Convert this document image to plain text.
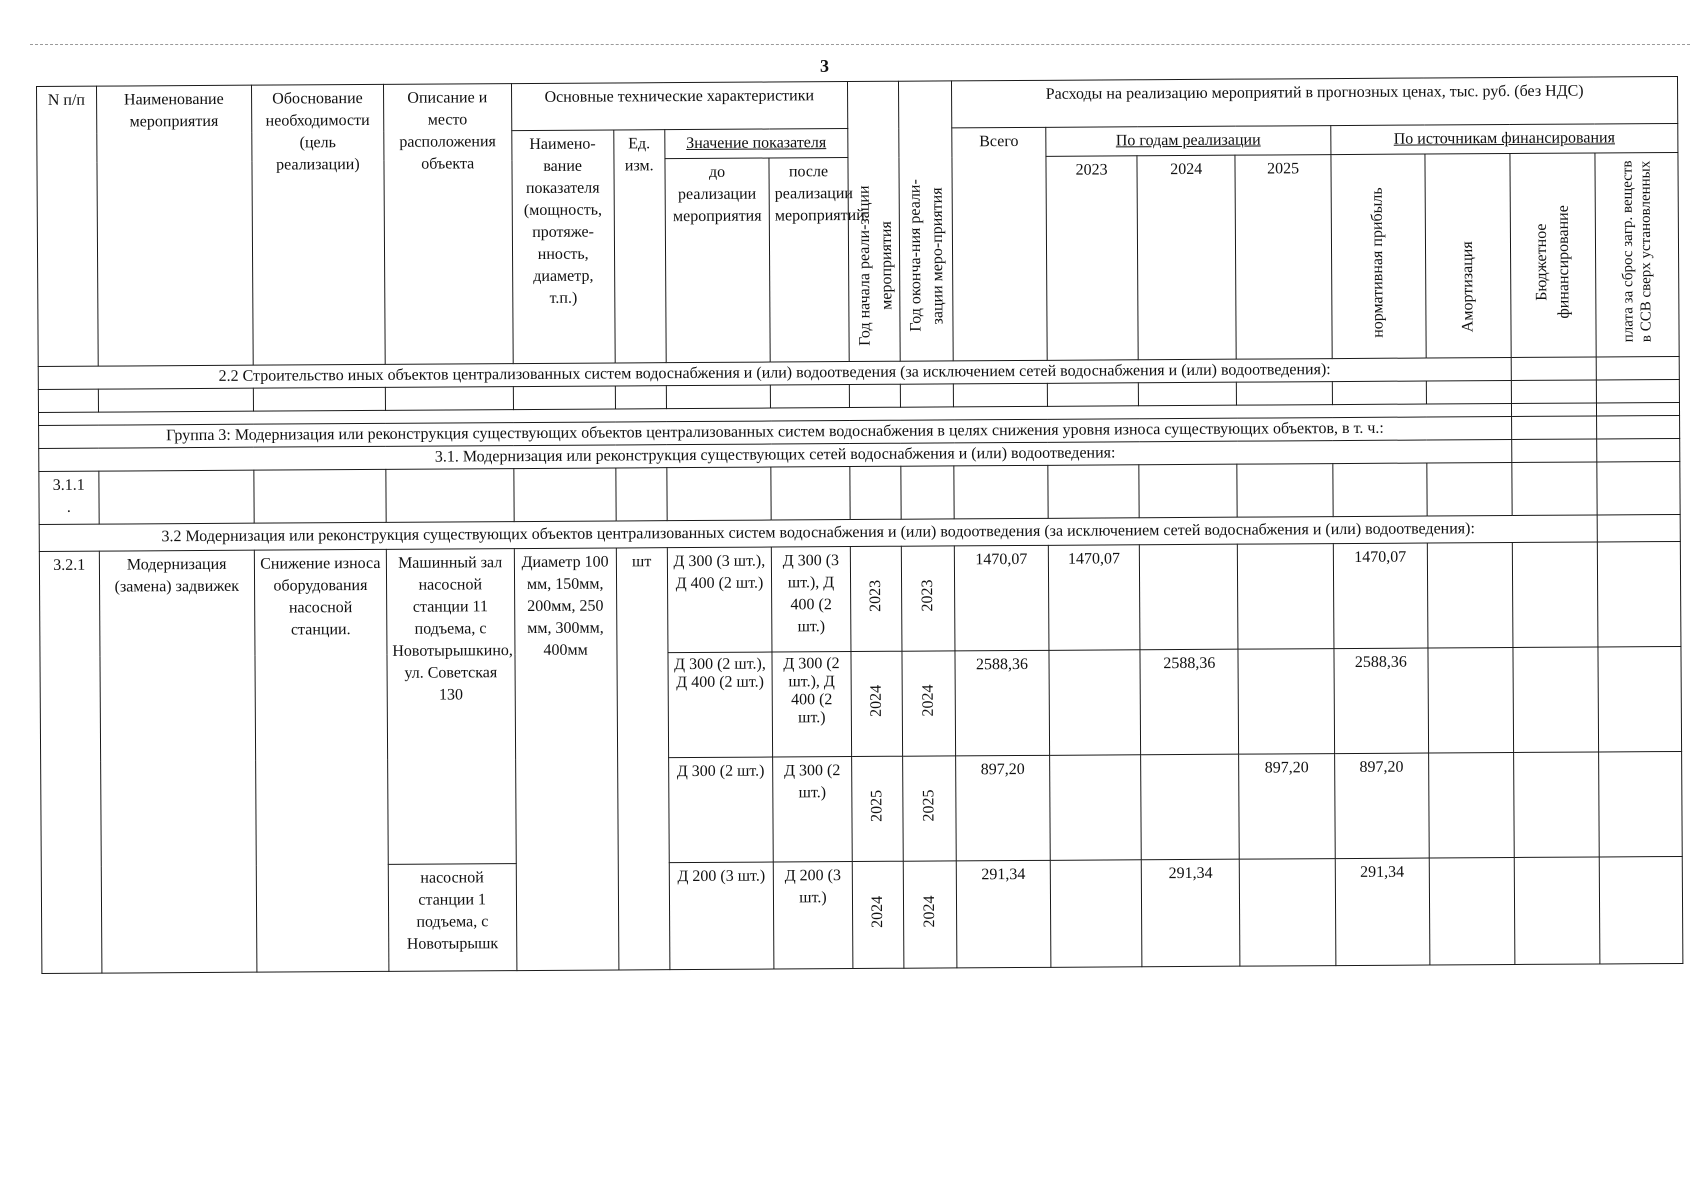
3
N п/п	Наименование мероприятия	Обоснование необходимости (цель реализации)	Описание и место расположения объекта	Основные технические характеристики				Год начала реали-зации мероприятия	Год оконча-ния реали-зации меро-приятия	Расходы на реализацию мероприятий в прогнозных ценах, тыс. руб. (без НДС)							
				Наимено-вание показателя (мощность, протяже-нность, диаметр, т.п.)	Ед. изм.	Значение показателя				Всего	По годам реализации			По источникам финансирования			
						до реализации мероприятия	после реализации мероприятий				2023	2024	2025	нормативная прибыль	Амортизация	Бюджетное финансирование	плата за сброс загр. веществ в ССВ сверх установленных
2.2 Строительство иных объектов централизованных систем водоснабжения и (или) водоотведения (за исключением сетей водоснабжения и (или) водоотведения):																	

Группа 3: Модернизация или реконструкция существующих объектов централизованных систем водоснабжения в целях снижения уровня износа существующих объектов, в т. ч.:																	
3.1. Модернизация или реконструкция существующих сетей водоснабжения и (или) водоотведения:																	

3.1.1
.																	

3.2 Модернизация или реконструкция существующих объектов централизованных систем водоснабжения и (или) водоотведения (за исключением сетей водоснабжения и (или) водоотведения):																	
3.2.1	Модернизация (замена) задвижек	Снижение износа оборудования насосной станции.	Машинный зал насосной станции 11 подъема, с Новотырышкино, ул. Советская 130	Диаметр 100 мм, 150мм, 200мм, 250 мм, 300мм, 400мм	шт	Д 300 (3 шт.), Д 400 (2 шт.)	Д 300 (3 шт.), Д 400 (2 шт.)	2023	2023	1470,07	1470,07			1470,07			
						Д 300 (2 шт.), Д 400 (2 шт.)	Д 300 (2 шт.), Д 400 (2 шт.)	2024	2024	2588,36		2588,36		2588,36			
						Д 300 (2 шт.)	Д 300 (2 шт.)	2025	2025	897,20			897,20	897,20			
			насосной станции 1 подъема, с Новотырышк			Д 200 (3 шт.)	Д 200 (3 шт.)	2024	2024	291,34		291,34		291,34			
